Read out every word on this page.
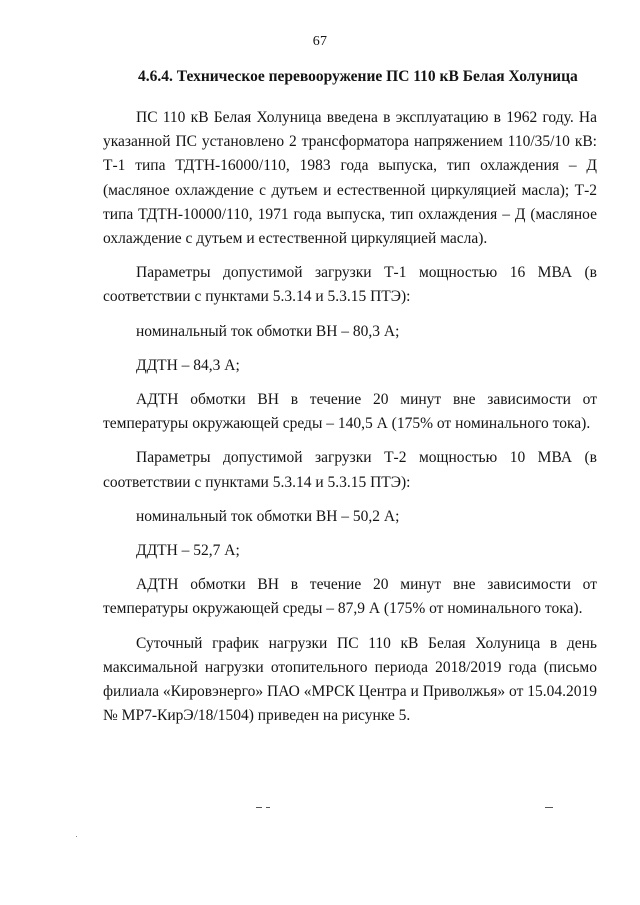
67
4.6.4. Техническое перевооружение ПС 110 кВ Белая Холуница

ПС 110 кВ Белая Холуница введена в эксплуатацию в 1962 году. На указанной ПС установлено 2 трансформатора напряжением 110/35/10 кВ: Т-1 типа ТДТН-16000/110, 1983 года выпуска, тип охлаждения – Д (масляное охлаждение с дутьем и естественной циркуляцией масла); Т-2 типа ТДТН-10000/110, 1971 года выпуска, тип охлаждения – Д (масляное охлаждение с дутьем и естественной циркуляцией масла).

Параметры допустимой загрузки Т-1 мощностью 16 МВА (в соответствии с пунктами 5.3.14 и 5.3.15 ПТЭ):

номинальный ток обмотки ВН – 80,3 А;

ДДТН – 84,3 А;

АДТН обмотки ВН в течение 20 минут вне зависимости от температуры окружающей среды – 140,5 А (175% от номинального тока).

Параметры допустимой загрузки Т-2 мощностью 10 МВА (в соответствии с пунктами 5.3.14 и 5.3.15 ПТЭ):

номинальный ток обмотки ВН – 50,2 А;

ДДТН – 52,7 А;

АДТН обмотки ВН в течение 20 минут вне зависимости от температуры окружающей среды – 87,9 А (175% от номинального тока).

Суточный график нагрузки ПС 110 кВ Белая Холуница в день максимальной нагрузки отопительного периода 2018/2019 года (письмо филиала «Кировэнерго» ПАО «МРСК Центра и Приволжья» от 15.04.2019 № МР7-КирЭ/18/1504) приведен на рисунке 5.
